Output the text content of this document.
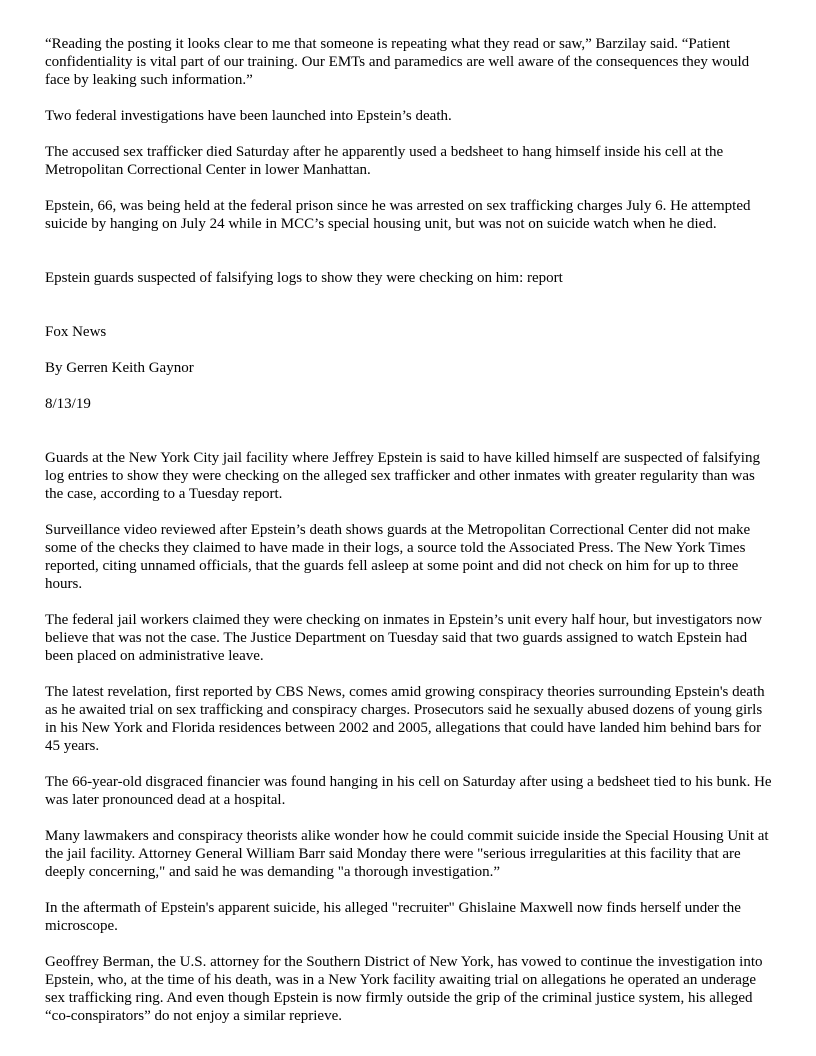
“Reading the posting it looks clear to me that someone is repeating what they read or saw,” Barzilay said. “Patient confidentiality is vital part of our training. Our EMTs and paramedics are well aware of the consequences they would face by leaking such information.”

Two federal investigations have been launched into Epstein’s death.

The accused sex trafficker died Saturday after he apparently used a bedsheet to hang himself inside his cell at the Metropolitan Correctional Center in lower Manhattan.

Epstein, 66, was being held at the federal prison since he was arrested on sex trafficking charges July 6. He attempted suicide by hanging on July 24 while in MCC’s special housing unit, but was not on suicide watch when he died.

Epstein guards suspected of falsifying logs to show they were checking on him: report

Fox News

By Gerren Keith Gaynor

8/13/19

Guards at the New York City jail facility where Jeffrey Epstein is said to have killed himself are suspected of falsifying log entries to show they were checking on the alleged sex trafficker and other inmates with greater regularity than was the case, according to a Tuesday report.

Surveillance video reviewed after Epstein’s death shows guards at the Metropolitan Correctional Center did not make some of the checks they claimed to have made in their logs, a source told the Associated Press. The New York Times reported, citing unnamed officials, that the guards fell asleep at some point and did not check on him for up to three hours.

The federal jail workers claimed they were checking on inmates in Epstein’s unit every half hour, but investigators now believe that was not the case. The Justice Department on Tuesday said that two guards assigned to watch Epstein had been placed on administrative leave.

The latest revelation, first reported by CBS News, comes amid growing conspiracy theories surrounding Epstein's death as he awaited trial on sex trafficking and conspiracy charges. Prosecutors said he sexually abused dozens of young girls in his New York and Florida residences between 2002 and 2005, allegations that could have landed him behind bars for 45 years.

The 66-year-old disgraced financier was found hanging in his cell on Saturday after using a bedsheet tied to his bunk. He was later pronounced dead at a hospital.

Many lawmakers and conspiracy theorists alike wonder how he could commit suicide inside the Special Housing Unit at the jail facility. Attorney General William Barr said Monday there were "serious irregularities at this facility that are deeply concerning," and said he was demanding "a thorough investigation.”

In the aftermath of Epstein's apparent suicide, his alleged "recruiter" Ghislaine Maxwell now finds herself under the microscope.

Geoffrey Berman, the U.S. attorney for the Southern District of New York, has vowed to continue the investigation into Epstein, who, at the time of his death, was in a New York facility awaiting trial on allegations he operated an underage sex trafficking ring. And even though Epstein is now firmly outside the grip of the criminal justice system, his alleged “co-conspirators” do not enjoy a similar reprieve.
